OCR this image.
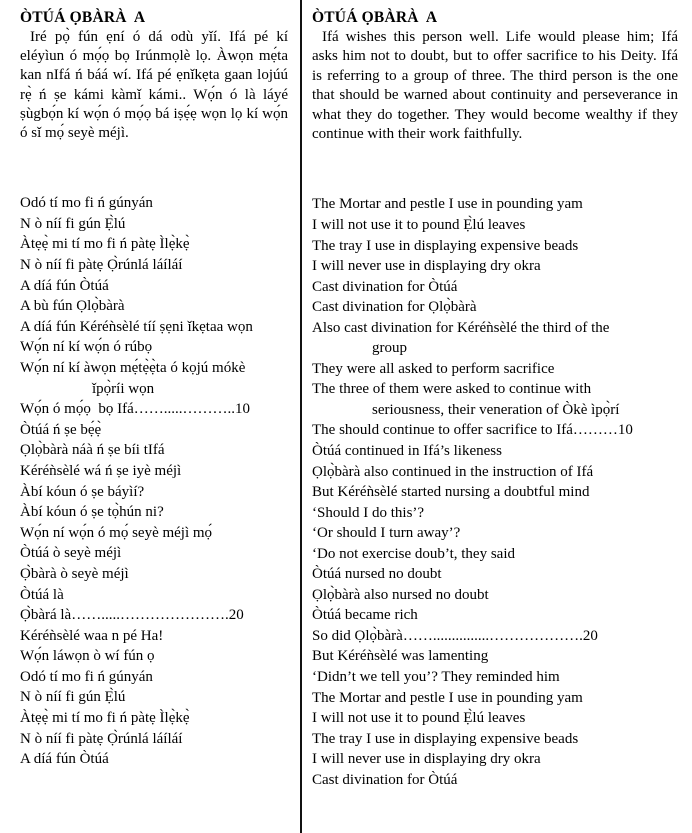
ÒTÚÁ ỌBÀRÀ  A

Iré pọ̀ fún ẹní ó dá odù yǐí. Ifá pé kí eléyìun ó mọ́ọ bọ Irúnmọlè lọ. Àwọn mẹ́ta kan nIfá ń báá wí. Ifá pé ẹnǐkẹta gaan lojúú rẹ̀ ń ṣe kámi kàmǐ kámi.. Wọ́n ó là láyé ṣùgbọ́n kí wọ́n ó mọ́ọ bá iṣẹ́ẹ wọn lọ kí wọ́n ó sǐ mọ́ seyè méjì.

Odó tí mo fi ń gúnyán
N ò níí fi gún Ẹ̀lú
Àtẹẹ̀ mi tí mo fi ń pàtẹ Ìlẹ̀kẹ̀
N ò níí fi pàtẹ Ọ̀rúnlá láíláí
A díá fún Òtúá
A bù fún Ọlọ̀bàrà
A díá fún Kéréǹsèlé tíí ṣẹni ǐkẹtaa wọn
Wọ́n ní kí wọ́n ó rúbọ
Wọ́n ní kí àwọn mẹ́tẹ̀ẹ̀ta ó kọjú mókè
ǐpọ̀ríi wọn
Wọ́n ó mọ́ọ  bọ Ifá…….....………..10
Òtúá ń ṣe bẹ́ẹ̀
Ọlọ̀bàrà náà ń ṣe bíi tIfá
Kéréǹsèlé wá ń ṣe iyè méjì
Àbí kóun ó ṣe báyìí?
Àbí kóun ó ṣe tọ̀hún ni?
Wọ́n ní wọ́n ó mọ́ seyè méjì mọ́
Òtúá ò seyè méjì
Ọ̀bàrà ò seyè méjì
Òtúá là
Ọ̀bàrá là…….....………………….20
Kéréǹsèlé waa n pé Ha!
Wọ́n láwọn ò wí fún ọ
Odó tí mo fi ń gúnyán
N ò níí fi gún Ẹ̀lú
Àtẹẹ̀ mi tí mo fi ń pàtẹ Ìlẹ̀kẹ̀
N ò níí fi pàtẹ Ọ̀rúnlá láíláí
A díá fún Òtúá
ÒTÚÁ ỌBÀRÀ  A

Ifá wishes this person well. Life would please him; Ifá asks him not to doubt, but to offer sacrifice to his Deity. Ifá is referring to a group of three. The third person is the one that should be warned about continuity and perseverance in what they do together. They would become wealthy if they continue with their work faithfully.

The Mortar and pestle I use in pounding yam
I will not use it to pound Ẹ̀lú leaves
The tray I use in displaying expensive beads
I will never use in displaying dry okra
Cast divination for Òtúá
Cast divination for Ọlọ̀bàrà
Also cast divination for Kéréǹsèlé the third of the
group
They were all asked to perform sacrifice
The three of them were asked to continue with
seriousness, their veneration of Òkè ìpọ̀rí
The should continue to offer sacrifice to Ifá………10
Òtúá continued in Ifá’s likeness
Ọlọ̀bàrà also continued in the instruction of Ifá
But Kéréǹsèlé started nursing a doubtful mind
‘Should I do this’?
‘Or should I turn away’?
‘Do not exercise doub’t, they said
Òtúá nursed no doubt
Ọlọ̀bàrà also nursed no doubt
Òtúá became rich
So did Ọlọ̀bàrà……...............……………….20
But Kéréǹsèlé was lamenting
‘Didn’t we tell you’? They reminded him
The Mortar and pestle I use in pounding yam
I will not use it to pound Ẹ̀lú leaves
The tray I use in displaying expensive beads
I will never use in displaying dry okra
Cast divination for Òtúá
